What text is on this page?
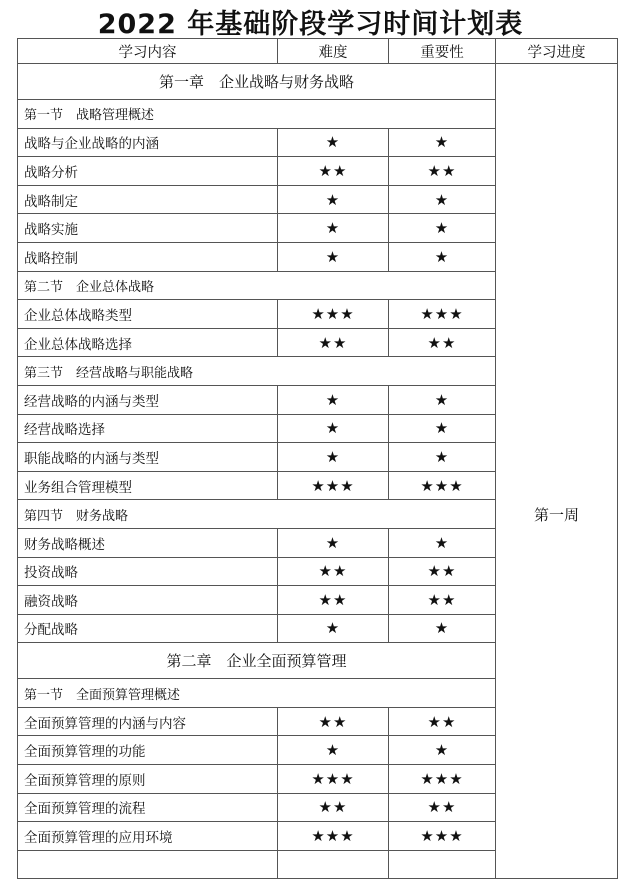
2022 年基础阶段学习时间计划表
学习内容	难度	重要性	学习进度
第一章　企业战略与财务战略			第一周
第一节　战略管理概述			
战略与企业战略的内涵	★	★	
战略分析	★★	★★	
战略制定	★	★	
战略实施	★	★	
战略控制	★	★	
第二节　企业总体战略			
企业总体战略类型	★★★	★★★	
企业总体战略选择	★★	★★	
第三节　经营战略与职能战略			
经营战略的内涵与类型	★	★	
经营战略选择	★	★	
职能战略的内涵与类型	★	★	
业务组合管理模型	★★★	★★★	
第四节　财务战略			
财务战略概述	★	★	
投资战略	★★	★★	
融资战略	★★	★★	
分配战略	★	★	
第二章　企业全面预算管理			
第一节　全面预算管理概述			
全面预算管理的内涵与内容	★★	★★	
全面预算管理的功能	★	★	
全面预算管理的原则	★★★	★★★	
全面预算管理的流程	★★	★★	
全面预算管理的应用环境	★★★	★★★	
